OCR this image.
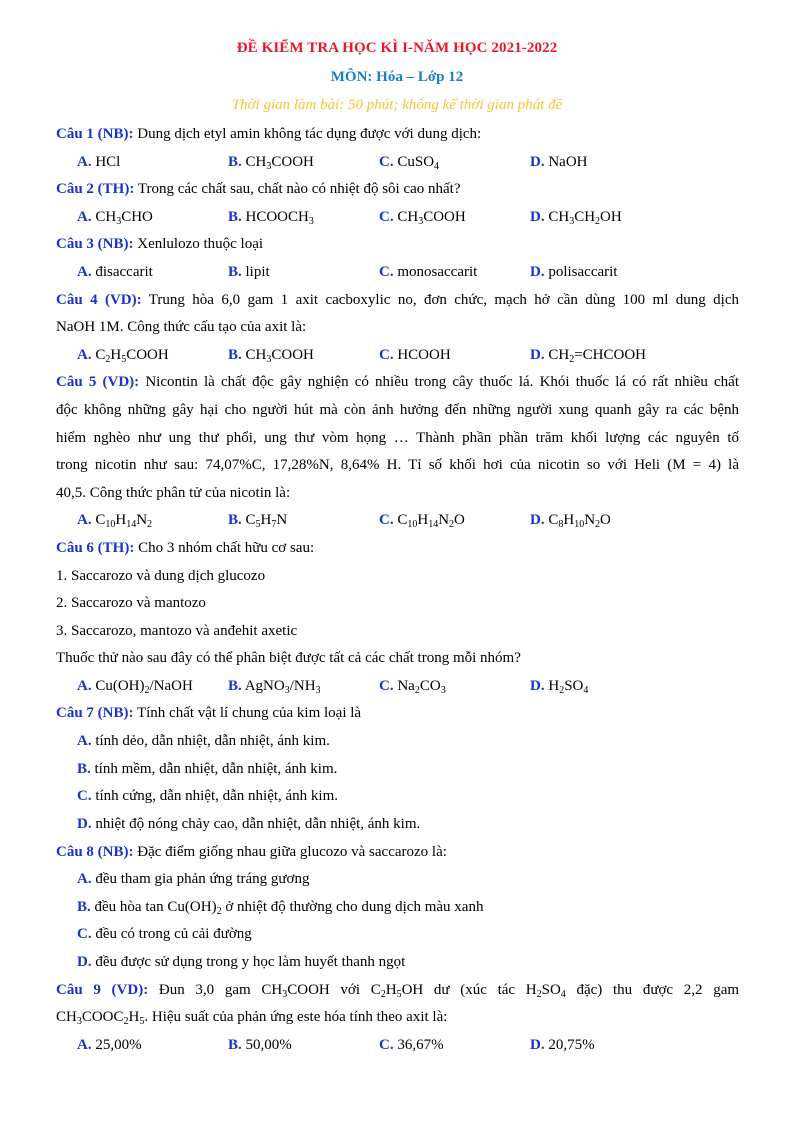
ĐỀ KIỂM TRA HỌC KÌ I-NĂM HỌC 2021-2022
MÔN: Hóa – Lớp 12
Thời gian làm bài: 50 phút; không kể thời gian phát đề
Câu 1 (NB): Dung dịch etyl amin không tác dụng được với dung dịch:
A. HCl	B. $CH_3COOH$	C. CuSO$_4$	D. NaOH
Câu 2 (TH): Trong các chất sau, chất nào có nhiệt độ sôi cao nhất?
A. $CH_3CHO$	B. $HCOOCH_3$	C. $CH_3COOH$	D. $CH_3CH_2OH$
Câu 3 (NB): Xenlulozo thuộc loại
A. đisaccarit	B. lipit	C. monosaccarit	D. polisaccarit
Câu 4 (VD): Trung hòa 6,0 gam 1 axit cacboxylic no, đơn chức, mạch hở cần dùng 100 ml dung dịch
NaOH 1M. Công thức cấu tạo của axit là:
A. $C_2H_5COOH$	B. $CH_3COOH$	C. HCOOH	D. $CH_2=CHCOOH$
Câu 5 (VD): Nicontin là chất độc gây nghiện có nhiều trong cây thuốc lá. Khói thuốc lá có rất nhiều chất
độc không những gây hại cho người hút mà còn ảnh hưởng đến những người xung quanh gây ra các bệnh
hiểm nghèo như ung thư phổi, ung thư vòm họng … Thành phần phần trăm khối lượng các nguyên tố
trong nicotin như sau: 74,07%C, 17,28%N, 8,64% H. Tỉ số khối hơi của nicotin so với Heli (M = 4) là
40,5. Công thức phân tử của nicotin là:
A. $C_{10}H_{14}N_2$	B. $C_5H_7N$	C. $C_{10}H_{14}N_2O$	D. $C_8H_{10}N_2O$
Câu 6 (TH): Cho 3 nhóm chất hữu cơ sau:
1. Saccarozo và dung dịch glucozo
2. Saccarozo và mantozo
3. Saccarozo, mantozo và anđehit axetic
Thuốc thử nào sau đây có thể phân biệt được tất cả các chất trong mỗi nhóm?
A. $Cu(OH)_2$/NaOH B. $AgNO_3/NH_3$	C. $Na_2CO_3$	D. $H_2SO_4$
Câu 7 (NB): Tính chất vật lí chung của kim loại là
A. tính dẻo, dẫn nhiệt, dẫn nhiệt, ánh kim.
B. tính mềm, dẫn nhiệt, dẫn nhiệt, ánh kim.
C. tính cứng, dẫn nhiệt, dẫn nhiệt, ánh kim.
D. nhiệt độ nóng chảy cao, dẫn nhiệt, dẫn nhiệt, ánh kim.
Câu 8 (NB): Đặc điểm giống nhau giữa glucozo và saccarozo là:
A. đều tham gia phản ứng tráng gương
B. đều hòa $\tan Cu(OH)_2$ ở nhiệt độ thường cho dung dịch màu xanh
C. đều có trong củ cải đường
D. đều được sử dụng trong y học làm huyết thanh ngọt
Câu 9 (VD): Đun 3,0 gam $CH_3COOH$ với $C_2H_5OH$ dư (xúc tác $H_2SO_4$ đặc) thu được 2,2 gam
$CH_3COOC_2H_5$. Hiệu suất của phản ứng este hóa tính theo axit là:
A. 25,00%	B. 50,00%	C. 36,67%	D. 20,75%
